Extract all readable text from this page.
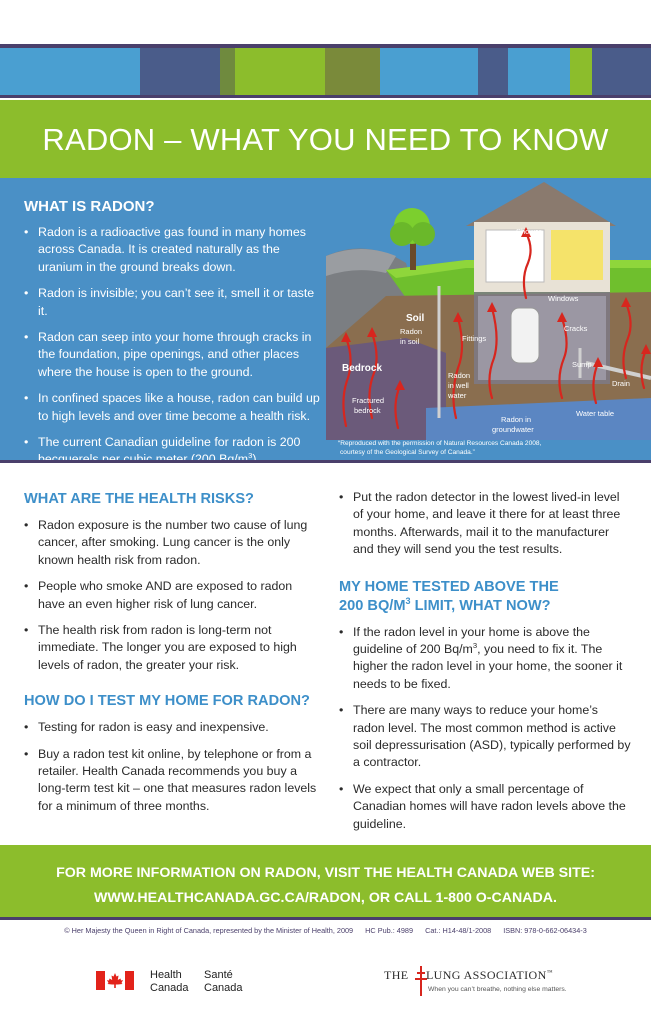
RADON – WHAT YOU NEED TO KNOW
WHAT IS RADON?
• Radon is a radioactive gas found in many homes across Canada. It is created naturally as the uranium in the ground breaks down.
• Radon is invisible; you can’t see it, smell it or taste it.
• Radon can seep into your home through cracks in the foundation, pipe openings, and other places where the house is open to the ground.
• In confined spaces like a house, radon can build up to high levels and over time become a health risk.
• The current Canadian guideline for radon is 200 $^3$
Shower
Windows
Cracks
Fittings
Sump
Drain
Soil
Radon
in soil
Bedrock
Radon
in well
water
Fractured
bedrock	Water table
Radon in
groundwater
“Reproduced with the permission of Natural Resources Canada 2008,
courtesy of the Geological Survey of Canada.”
WHAT ARE THE HEALTH RISKS?
• Radon exposure is the number two cause of lung cancer, after smoking. Lung cancer is the only known health risk from radon.
• People who smoke AND are exposed to radon have an even higher risk of lung cancer.
• The health risk from radon is long-term not immediate. The longer you are exposed to high levels of radon, the greater your risk.
HOW DO I TEST MY HOME FOR RADON?
• Testing for radon is easy and inexpensive.
• Buy a radon test kit online, by telephone or from a retailer. Health Canada recommends you buy a long-term test kit – one that measures radon levels for a minimum of three months.
• Put the radon detector in the lowest lived-in level of your home, and leave it there for at least three months. Afterwards, mail it to the manufacturer and they will send you the test results.
MY HOME TESTED ABOVE THE
200 $BQ/M^3$ LIMIT, WHAT NOW?
• If the radon level in your home is above the guideline of 200 $Bq/m^3$, you need to fix it. The higher the radon level in your home, the sooner it needs to be fixed.
• There are many ways to reduce your home’s radon level. The most common method is active soil depressurisation (ASD), typically performed by a contractor.
• We expect that only a small percentage of Canadian homes will have radon levels above the guideline.
FOR MORE INFORMATION ON RADON, VISIT THE HEALTH CANADA WEB SITE:
WWW.HEALTHCANADA.GC.CA/RADON, OR CALL 1-800 O-CANADA.
© Her Majesty the Queen in Right of Canada, represented by the Minister of Health, 2009 HC Pub.: 4989 Cat.: H14-48/1-2008 ISBN: 978-0-662-06434-3
Health
Canada
Santé
Canada
THE LUNG ASSOCIATION™
When you can’t breathe, nothing else matters.
